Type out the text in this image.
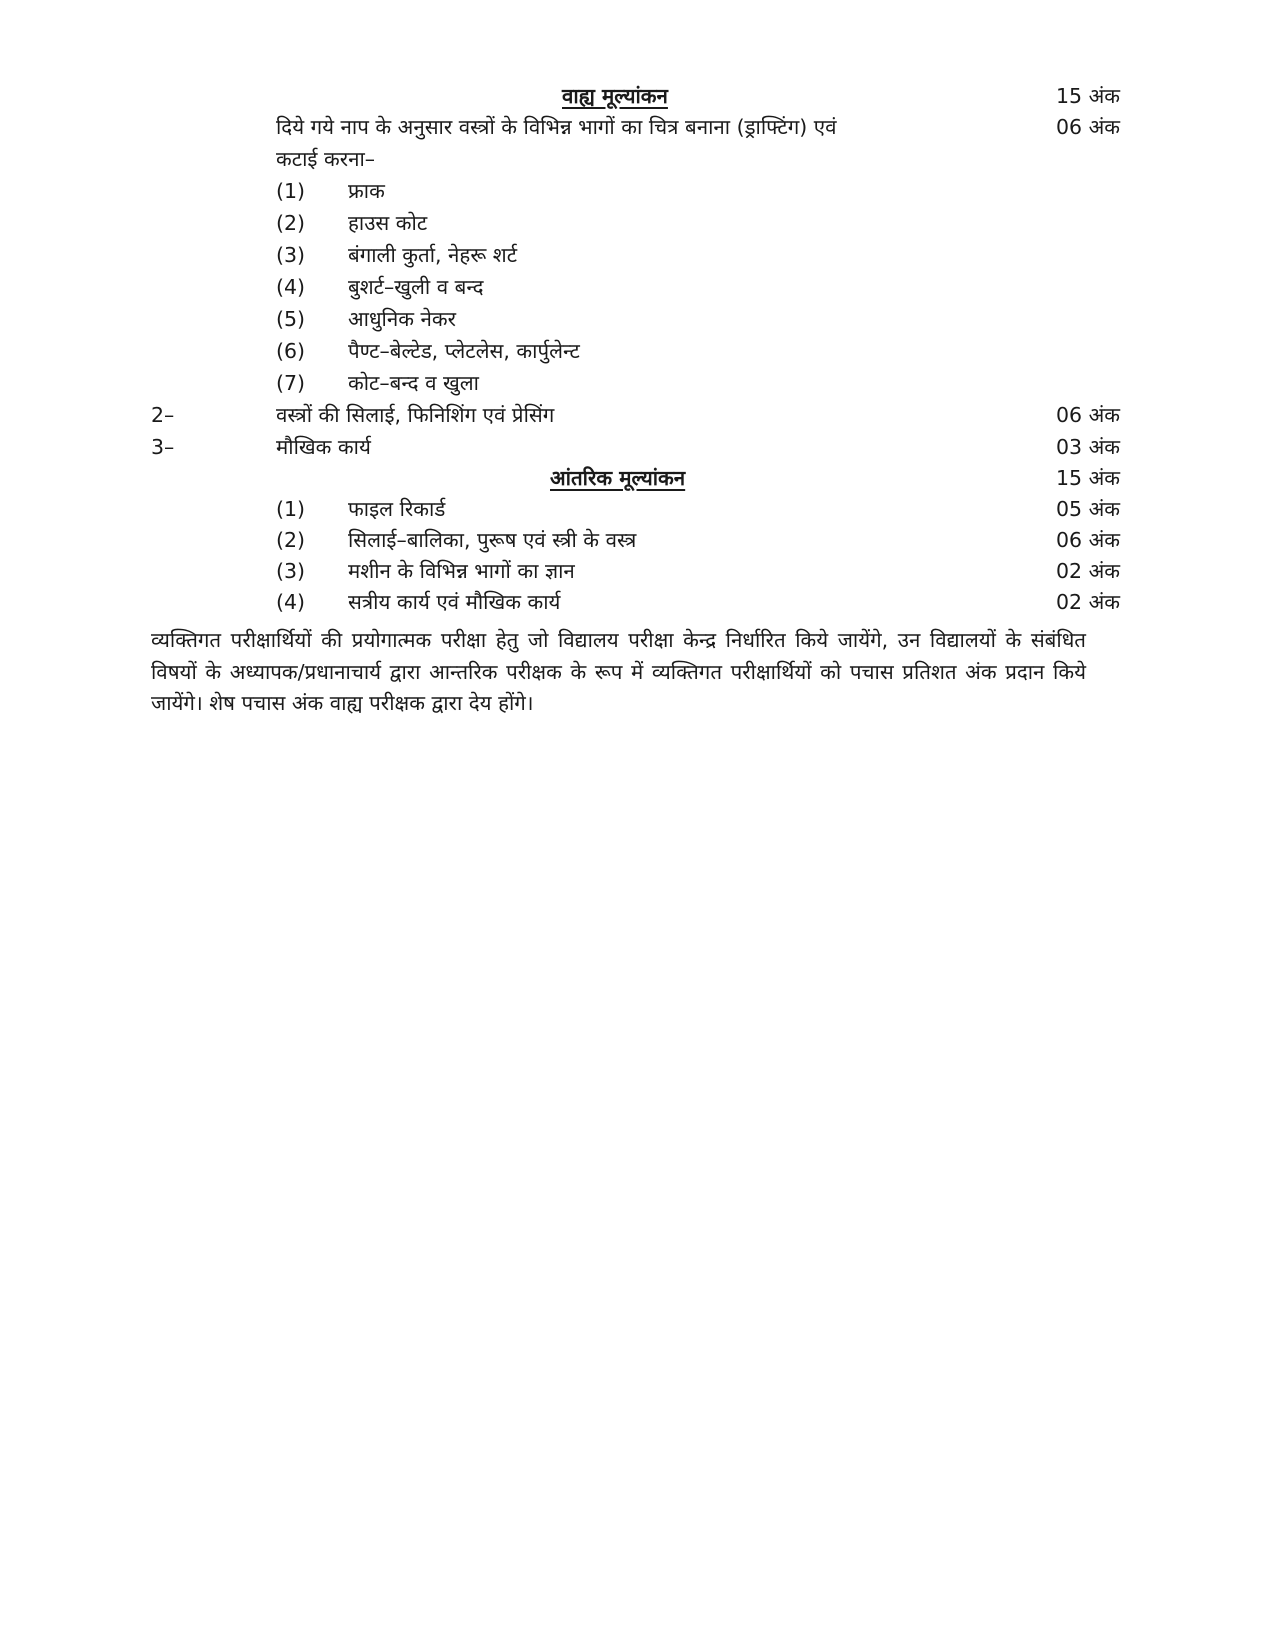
वाह्य मूल्यांकन	15 अंक
दिये गये नाप के अनुसार वस्त्रों के विभिन्न भागों का चित्र बनाना (ड्राफ्टिंग) एवं	06 अंक
कटाई करना–
(1) फ्राक
(2) हाउस कोट
(3) बंगाली कुर्ता, नेहरू शर्ट
(4) बुशर्ट–खुली व बन्द
(5) आधुनिक नेकर
(6) पैण्ट–बेल्टेड, प्लेटलेस, कार्पुलेन्ट
(7) कोट–बन्द व खुला
2–	वस्त्रों की सिलाई, फिनिशिंग एवं प्रेसिंग	06 अंक
3–	मौखिक कार्य	03 अंक
आंतरिक मूल्यांकन	15 अंक
(1) फाइल रिकार्ड	05 अंक
(2) सिलाई–बालिका, पुरूष एवं स्त्री के वस्त्र	06 अंक
(3) मशीन के विभिन्न भागों का ज्ञान	02 अंक
(4) सत्रीय कार्य एवं मौखिक कार्य	02 अंक
व्यक्तिगत परीक्षार्थियों की प्रयोगात्मक परीक्षा हेतु जो विद्यालय परीक्षा केन्द्र निर्धारित किये जायेंगे, उन विद्यालयों के संबंधित विषयों के अध्यापक/प्रधानाचार्य द्वारा आन्तरिक परीक्षक के रूप में व्यक्तिगत परीक्षार्थियों को पचास प्रतिशत अंक प्रदान किये जायेंगे। शेष पचास अंक वाह्य परीक्षक द्वारा देय होंगे।
